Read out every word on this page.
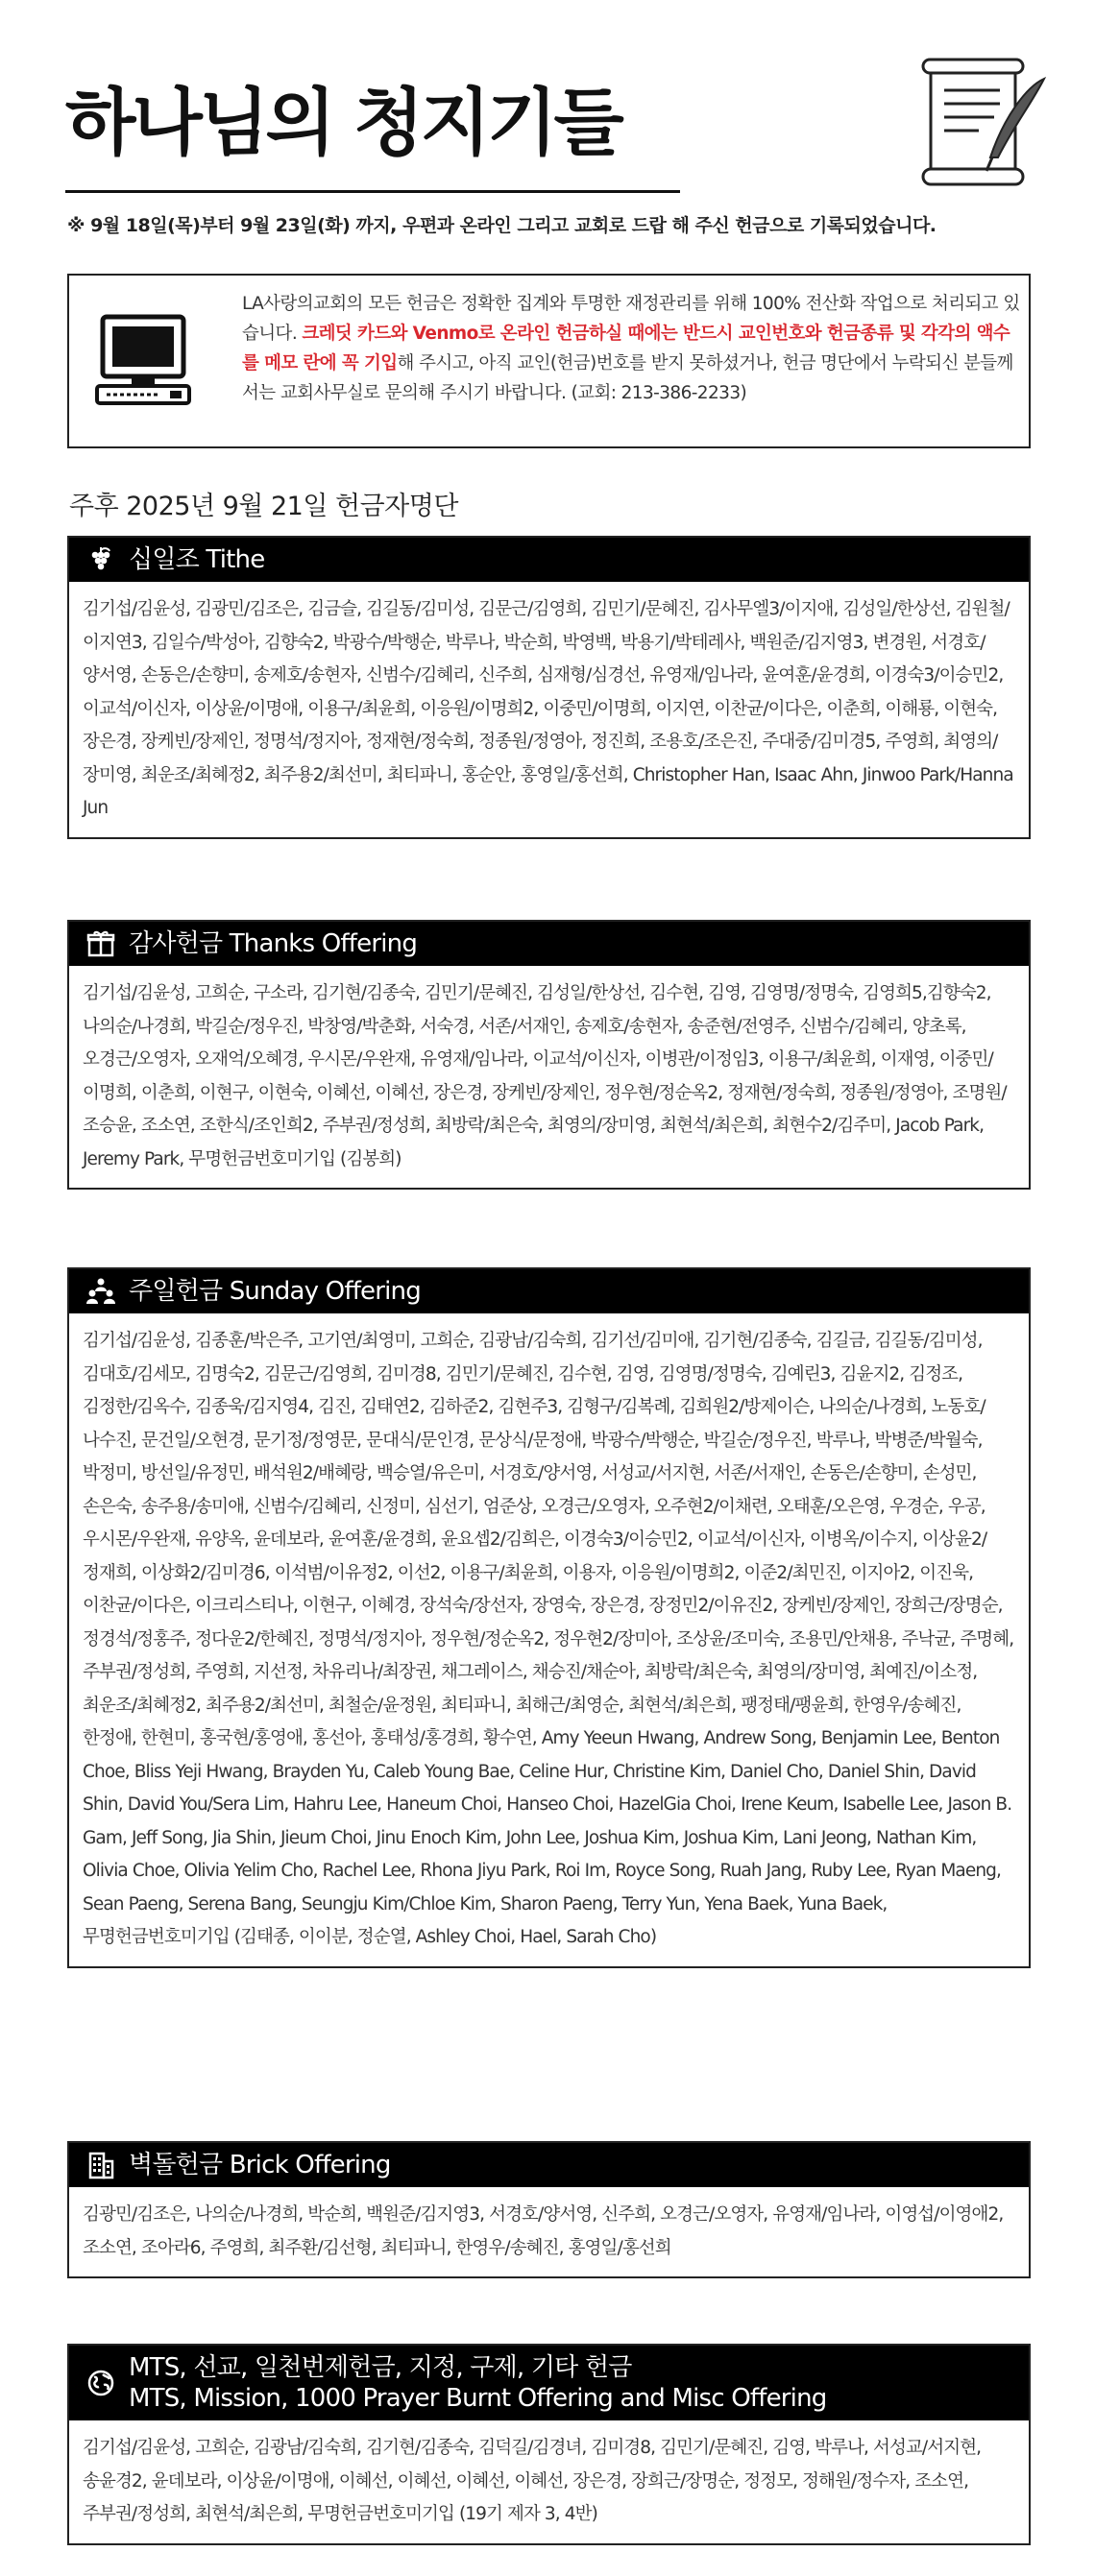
하나님의 청지기들
※ 9월 18일(목)부터 9월 23일(화) 까지, 우편과 온라인 그리고 교회로 드랍 해 주신 헌금으로 기록되었습니다.
LA사랑의교회의 모든 헌금은 정확한 집계와 투명한 재정관리를 위해 100% 전산화 작업으로 처리되고 있습니다. 크레딧 카드와 Venmo로 온라인 헌금하실 때에는 반드시 교인번호와 헌금종류 및 각각의 액수를 메모 란에 꼭 기입해 주시고, 아직 교인(헌금)번호를 받지 못하셨거나, 헌금 명단에서 누락되신 분들께서는 교회사무실로 문의해 주시기 바랍니다. (교회: 213-386-2233)
주후 2025년 9월 21일 헌금자명단
십일조 Tithe
김기섭/김윤성, 김광민/김조은, 김금슬, 김길동/김미성, 김문근/김영희, 김민기/문혜진, 김사무엘3/이지애, 김성일/한상선, 김원철/이지연3, 김일수/박성아, 김향숙2, 박광수/박행순, 박루나, 박순희, 박영백, 박용기/박테레사, 백원준/김지영3, 변경원, 서경호/양서영, 손동은/손향미, 송제호/송현자, 신범수/김혜리, 신주희, 심재형/심경선, 유영재/임나라, 윤여훈/윤경희, 이경숙3/이승민2, 이교석/이신자, 이상윤/이명애, 이용구/최윤희, 이응원/이명희2, 이중민/이명희, 이지연, 이찬균/이다은, 이춘희, 이해룡, 이현숙, 장은경, 장케빈/장제인, 정명석/정지아, 정재현/정숙희, 정종원/정영아, 정진희, 조용호/조은진, 주대중/김미경5, 주영희, 최영의/장미영, 최운조/최혜정2, 최주용2/최선미, 최티파니, 홍순안, 홍영일/홍선희, Christopher Han, Isaac Ahn, Jinwoo Park/Hanna Jun
감사헌금 Thanks Offering
김기섭/김윤성, 고희순, 구소라, 김기현/김종숙, 김민기/문혜진, 김성일/한상선, 김수현, 김영, 김영명/정명숙, 김영희5,김향숙2, 나의순/나경희, 박길순/정우진, 박창영/박춘화, 서숙경, 서존/서재인, 송제호/송현자, 송준현/전영주, 신범수/김혜리, 양초록, 오경근/오영자, 오재억/오혜경, 우시몬/우완재, 유영재/임나라, 이교석/이신자, 이병관/이정임3, 이용구/최윤희, 이재영, 이중민/이명희, 이춘희, 이현구, 이현숙, 이혜선, 이혜선, 장은경, 장케빈/장제인, 정우현/정순옥2, 정재현/정숙희, 정종원/정영아, 조명원/조승윤, 조소연, 조한식/조인희2, 주부권/정성희, 최방락/최은숙, 최영의/장미영, 최현석/최은희, 최현수2/김주미, Jacob Park, Jeremy Park, 무명헌금번호미기입 (김봉희)
주일헌금 Sunday Offering
김기섭/김윤성, 김종훈/박은주, 고기연/최영미, 고희순, 김광남/김숙희, 김기선/김미애, 김기현/김종숙, 김길금, 김길동/김미성, 김대호/김세모, 김명숙2, 김문근/김영희, 김미경8, 김민기/문혜진, 김수현, 김영, 김영명/정명숙, 김예린3, 김윤지2, 김정조, 김정한/김옥수, 김종욱/김지영4, 김진, 김태연2, 김하준2, 김현주3, 김형구/김복례, 김희원2/방제이슨, 나의순/나경희, 노동호/나수진, 문건일/오현경, 문기정/정영문, 문대식/문인경, 문상식/문정애, 박광수/박행순, 박길순/정우진, 박루나, 박병준/박월숙, 박정미, 방선일/유정민, 배석원2/배혜랑, 백승열/유은미, 서경호/양서영, 서성교/서지현, 서존/서재인, 손동은/손향미, 손성민, 손은숙, 송주용/송미애, 신범수/김혜리, 신정미, 심선기, 엄준상, 오경근/오영자, 오주현2/이채련, 오태훈/오은영, 우경순, 우공, 우시몬/우완재, 유양옥, 윤데보라, 윤여훈/윤경희, 윤요셉2/김희은, 이경숙3/이승민2, 이교석/이신자, 이병옥/이수지, 이상윤2/정재희, 이상화2/김미경6, 이석범/이유정2, 이선2, 이용구/최윤희, 이용자, 이응원/이명희2, 이준2/최민진, 이지아2, 이진욱, 이찬균/이다은, 이크리스티나, 이현구, 이혜경, 장석숙/장선자, 장영숙, 장은경, 장정민2/이유진2, 장케빈/장제인, 장희근/장명순, 정경석/정홍주, 정다운2/한혜진, 정명석/정지아, 정우현/정순옥2, 정우현2/장미아, 조상윤/조미숙, 조용민/안채용, 주낙균, 주명혜, 주부권/정성희, 주영희, 지선정, 차유리나/최장권, 채그레이스, 채승진/채순아, 최방락/최은숙, 최영의/장미영, 최예진/이소정, 최운조/최혜정2, 최주용2/최선미, 최철순/윤정원, 최티파니, 최해근/최영순, 최현석/최은희, 팽정태/팽윤희, 한영우/송혜진, 한정애, 한현미, 홍국현/홍영애, 홍선아, 홍태성/홍경희, 황수연, Amy Yeeun Hwang, Andrew Song, Benjamin Lee, Benton Choe, Bliss Yeji Hwang, Brayden Yu, Caleb Young Bae, Celine Hur, Christine Kim, Daniel Cho, Daniel Shin, David Shin, David You/Sera Lim, Hahru Lee, Haneum Choi, Hanseo Choi, HazelGia Choi, Irene Keum, Isabelle Lee, Jason B. Gam, Jeff Song, Jia Shin, Jieum Choi, Jinu Enoch Kim, John Lee, Joshua Kim, Joshua Kim, Lani Jeong, Nathan Kim, Olivia Choe, Olivia Yelim Cho, Rachel Lee, Rhona Jiyu Park, Roi Im, Royce Song, Ruah Jang, Ruby Lee, Ryan Maeng, Sean Paeng, Serena Bang, Seungju Kim/Chloe Kim, Sharon Paeng, Terry Yun, Yena Baek, Yuna Baek, 무명헌금번호미기입 (김태종, 이이분, 정순열, Ashley Choi, Hael, Sarah Cho)
벽돌헌금 Brick Offering
김광민/김조은, 나의순/나경희, 박순희, 백원준/김지영3, 서경호/양서영, 신주희, 오경근/오영자, 유영재/임나라, 이영섭/이영애2, 조소연, 조아라6, 주영희, 최주환/김선형, 최티파니, 한영우/송혜진, 홍영일/홍선희
MTS, 선교, 일천번제헌금, 지정, 구제, 기타 헌금
MTS, Mission, 1000 Prayer Burnt Offering and Misc Offering
김기섭/김윤성, 고희순, 김광남/김숙희, 김기현/김종숙, 김덕길/김경녀, 김미경8, 김민기/문혜진, 김영, 박루나, 서성교/서지현, 송윤경2, 윤데보라, 이상윤/이명애, 이혜선, 이혜선, 이혜선, 이혜선, 장은경, 장희근/장명순, 정정모, 정해원/정수자, 조소연, 주부권/정성희, 최현석/최은희, 무명헌금번호미기입 (19기 제자 3, 4반)
